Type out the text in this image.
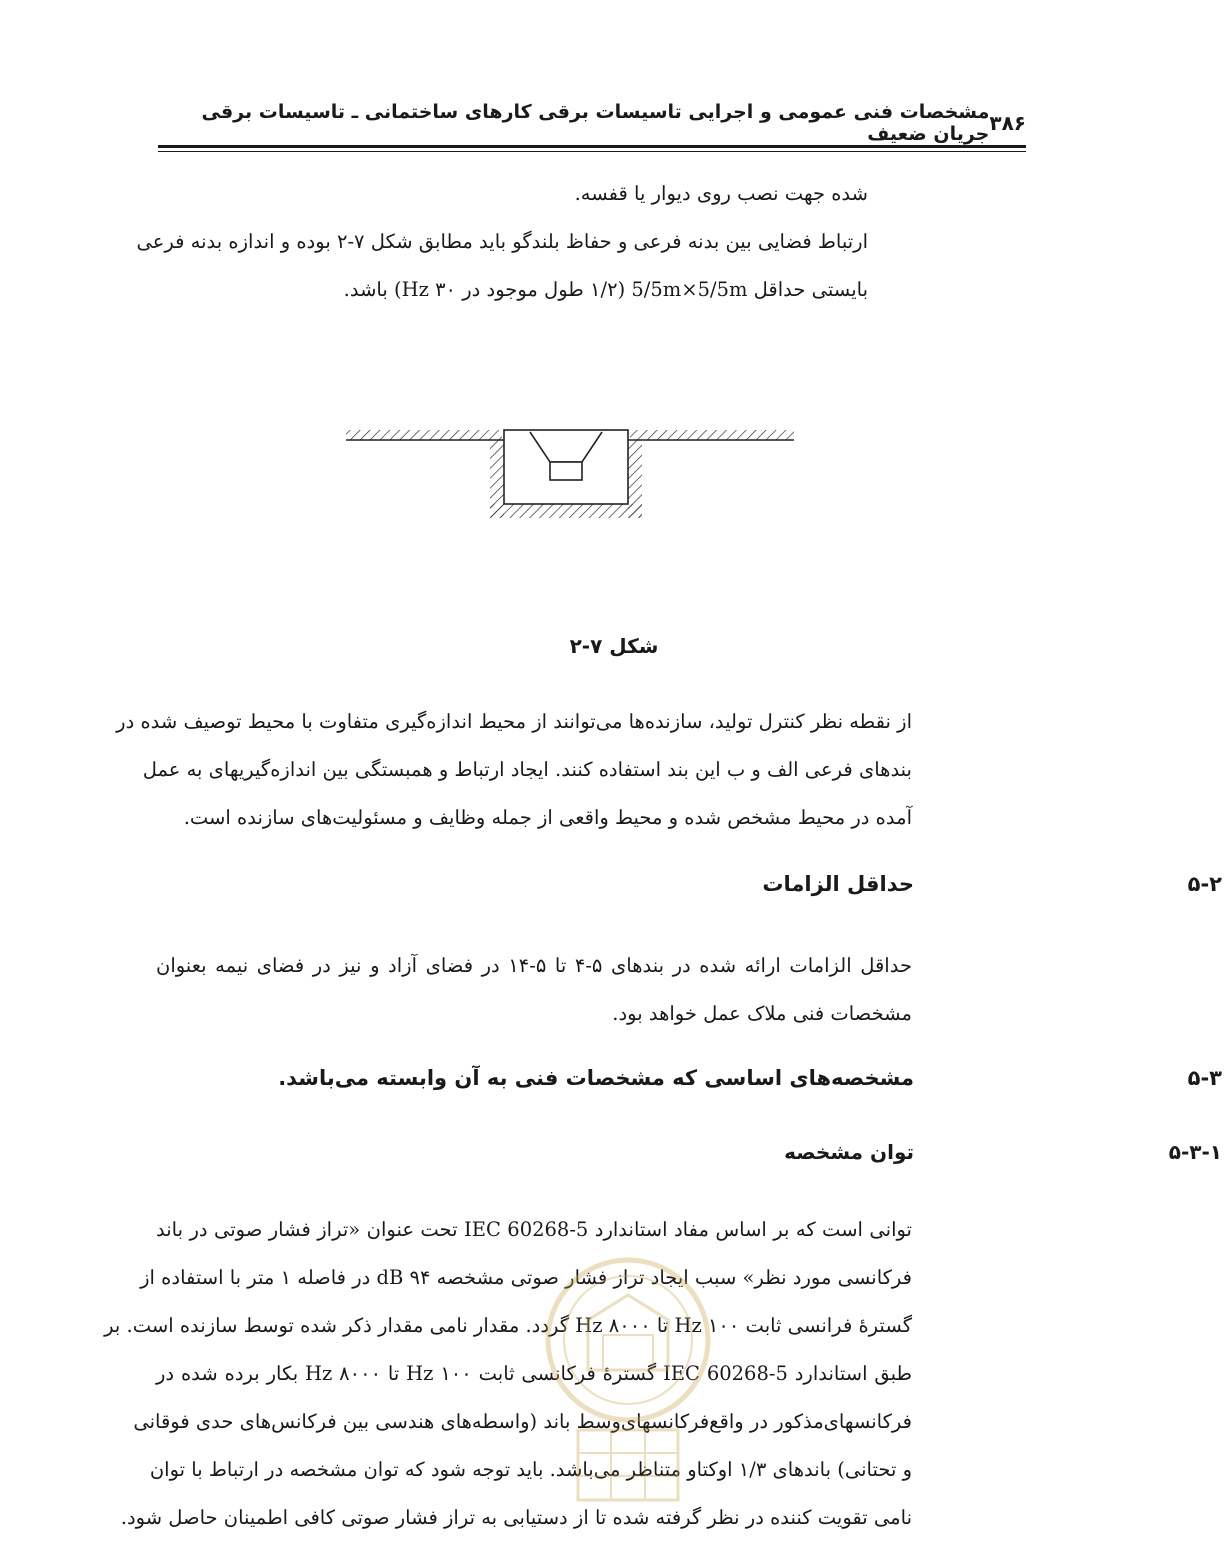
۳۸۶
مشخصات فنی عمومی و اجرایی تاسیسات برقی کارهای ساختمانی ـ تاسیسات برقی جریان ضعیف

شده جهت نصب روی دیوار یا قفسه.
ارتباط فضایی بین بدنه فرعی و حفاظ بلندگو باید مطابق شکل ۷-۲ بوده و اندازه بدنه فرعی
بایستی حداقل 5/5m×5/5m (۱/۲ طول موجود در Hz ۳۰) باشد.

شکل ۷-۲

از نقطه نظر کنترل تولید، سازنده‌ها می‌توانند از محیط اندازه‌گیری متفاوت با محیط توصیف شده در
بندهای فرعی الف و ب این بند استفاده کنند. ایجاد ارتباط و همبستگی بین اندازه‌گیریهای به عمل
آمده در محیط مشخص شده و محیط واقعی از جمله وظایف و مسئولیت‌های سازنده است.

۵-۲
حداقل الزامات

حداقل الزامات ارائه شده در بندهای ۵-۴ تا ۵-۱۴ در فضای آزاد و نیز در فضای نیمه بعنوان
مشخصات فنی ملاک عمل خواهد بود.

۵-۳
مشخصه‌های اساسی که مشخصات فنی به آن وابسته می‌باشد.
۵-۳-۱
توان مشخصه

توانی است که بر اساس مفاد استاندارد IEC 60268-5 تحت عنوان «تراز فشار صوتی در باند
فرکانسی مورد نظر» سبب ایجاد تراز فشار صوتی مشخصه dB ۹۴ در فاصله ۱ متر با استفاده از
گسترهٔ فرانسی ثابت Hz ۱۰۰ تا Hz ۸۰۰۰ گردد. مقدار نامی مقدار ذکر شده توسط سازنده است. بر
طبق استاندارد IEC 60268-5 گسترهٔ فرکانسی ثابت Hz ۱۰۰ تا Hz ۸۰۰۰ بکار برده شده در
فرکانسهای‌مذکور در واقع‌فرکانسهای‌وسط باند (واسطه‌های هندسی بین فرکانس‌های حدی فوقانی
و تحتانی) باندهای ۱/۳ اوکتاو متناظر می‌باشد. باید توجه شود که توان مشخصه در ارتباط با توان
نامی تقویت کننده در نظر گرفته شده تا از دستیابی به تراز فشار صوتی کافی اطمینان حاصل شود.
